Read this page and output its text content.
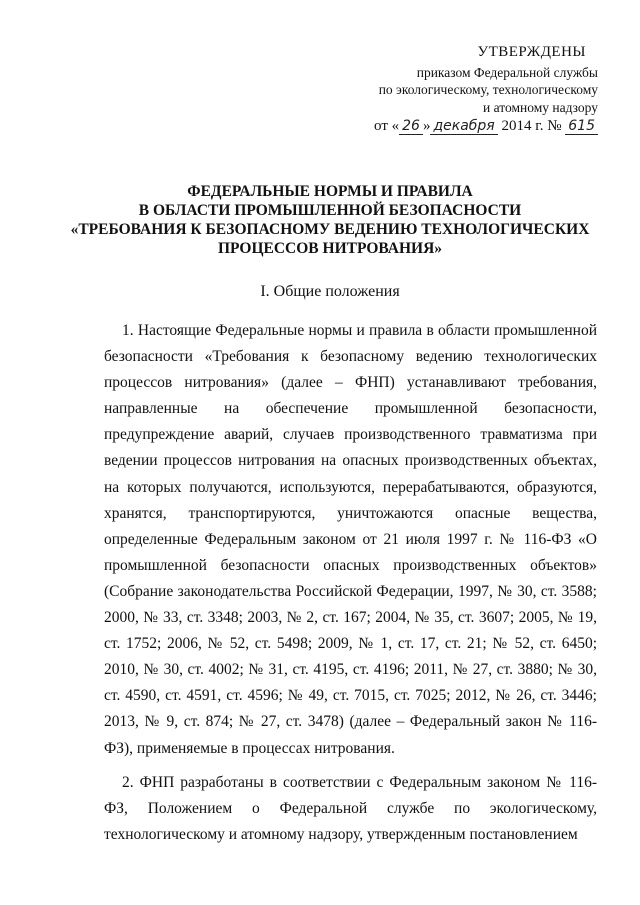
УТВЕРЖДЕНЫ
приказом Федеральной службы
по экологическому, технологическому
и атомному надзору
от « 26 » декабря 2014 г. № 615
ФЕДЕРАЛЬНЫЕ НОРМЫ И ПРАВИЛА
В ОБЛАСТИ ПРОМЫШЛЕННОЙ БЕЗОПАСНОСТИ
«ТРЕБОВАНИЯ К БЕЗОПАСНОМУ ВЕДЕНИЮ ТЕХНОЛОГИЧЕСКИХ
ПРОЦЕССОВ НИТРОВАНИЯ»
I. Общие положения

1. Настоящие Федеральные нормы и правила в области промышленной безопасности «Требования к безопасному ведению технологических процессов нитрования» (далее – ФНП) устанавливают требования, направленные на обеспечение промышленной безопасности, предупреждение аварий, случаев производственного травматизма при ведении процессов нитрования на опасных производственных объектах, на которых получаются, используются, перерабатываются, образуются, хранятся, транспортируются, уничтожаются опасные вещества, определенные Федеральным законом от 21 июля 1997 г. № 116-ФЗ «О промышленной безопасности опасных производственных объектов» (Собрание законодательства Российской Федерации, 1997, № 30, ст. 3588; 2000, № 33, ст. 3348; 2003, № 2, ст. 167; 2004, № 35, ст. 3607; 2005, № 19, ст. 1752; 2006, № 52, ст. 5498; 2009, № 1, ст. 17, ст. 21; № 52, ст. 6450; 2010, № 30, ст. 4002; № 31, ст. 4195, ст. 4196; 2011, № 27, ст. 3880; № 30, ст. 4590, ст. 4591, ст. 4596; № 49, ст. 7015, ст. 7025; 2012, № 26, ст. 3446; 2013, № 9, ст. 874; № 27, ст. 3478) (далее – Федеральный закон № 116-ФЗ), применяемые в процессах нитрования.

2. ФНП разработаны в соответствии с Федеральным законом № 116-ФЗ, Положением о Федеральной службе по экологическому, технологическому и атомному надзору, утвержденным постановлением
